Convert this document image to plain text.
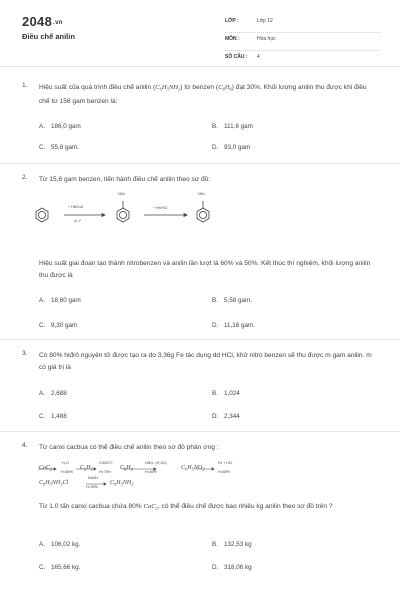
2048.vn
Điều chế anilin
LỚP :	Lớp 12
MÔN :	Hóa học
SỐ CÂU : 4
1. Hiệu suất của quá trình điều chế anilin $(C_6H_5NH_2)$ từ benzen $(C_6H_6)$ đạt 30%. Khối lượng anilin thu được khi điều chế từ 156 gam benzen là:
A. 186,0 gam	B. 111,6 gam
C. 55,8 gam.	D. 93,0 gam
2. Từ 15,6 gam benzen, tiến hành điều chế anilin theo sơ đồ:
NO2	NH2
+ HNO3đ
xt, t°
+ Fe/HCl
Hiệu suất giai đoạn tạo thành nitrobenzen và anilin lần lượt là 60% và 50%. Kết thúc thí nghiệm, khối lượng anilin thu được là
A. 18,60 gam	B. 5,58 gam.
C. 9,30 gam	D. 11,16 gam.
3. Có 80% hiđrô nguyên tử được tạo ra do 3,36g Fe tác dụng dd HCl, khử nitro benzen sẽ thu được m gam anilin. m có giá trị là
A. 2,688	B. 1,024
C. 1,488	D. 2,344
4. Từ canxi cacbua có thể điều chế anilin theo sơ đồ phản ứng :
CaC$_2$
H₂O
H=80%
$C_2H_2$
C/600°C
H=75%
$C_6H_6$
HNO₃ (H₂SO₄
H=60%
$C_6H_5NO_2$
Fe + HCl
H=80%
$C_6H_5NH_3Cl$
NaOH
H=95%
$C_6H_5NH_2$
Từ 1,0 tấn canxi cacbua chứa 80% CaC$_2$, có thể điều chế được bao nhiêu kg anilin theo sơ đồ trên ?
A. 106,02 kg.	B. 132,53 kg
C. 165,66 kg.	D. 318,06 kg
